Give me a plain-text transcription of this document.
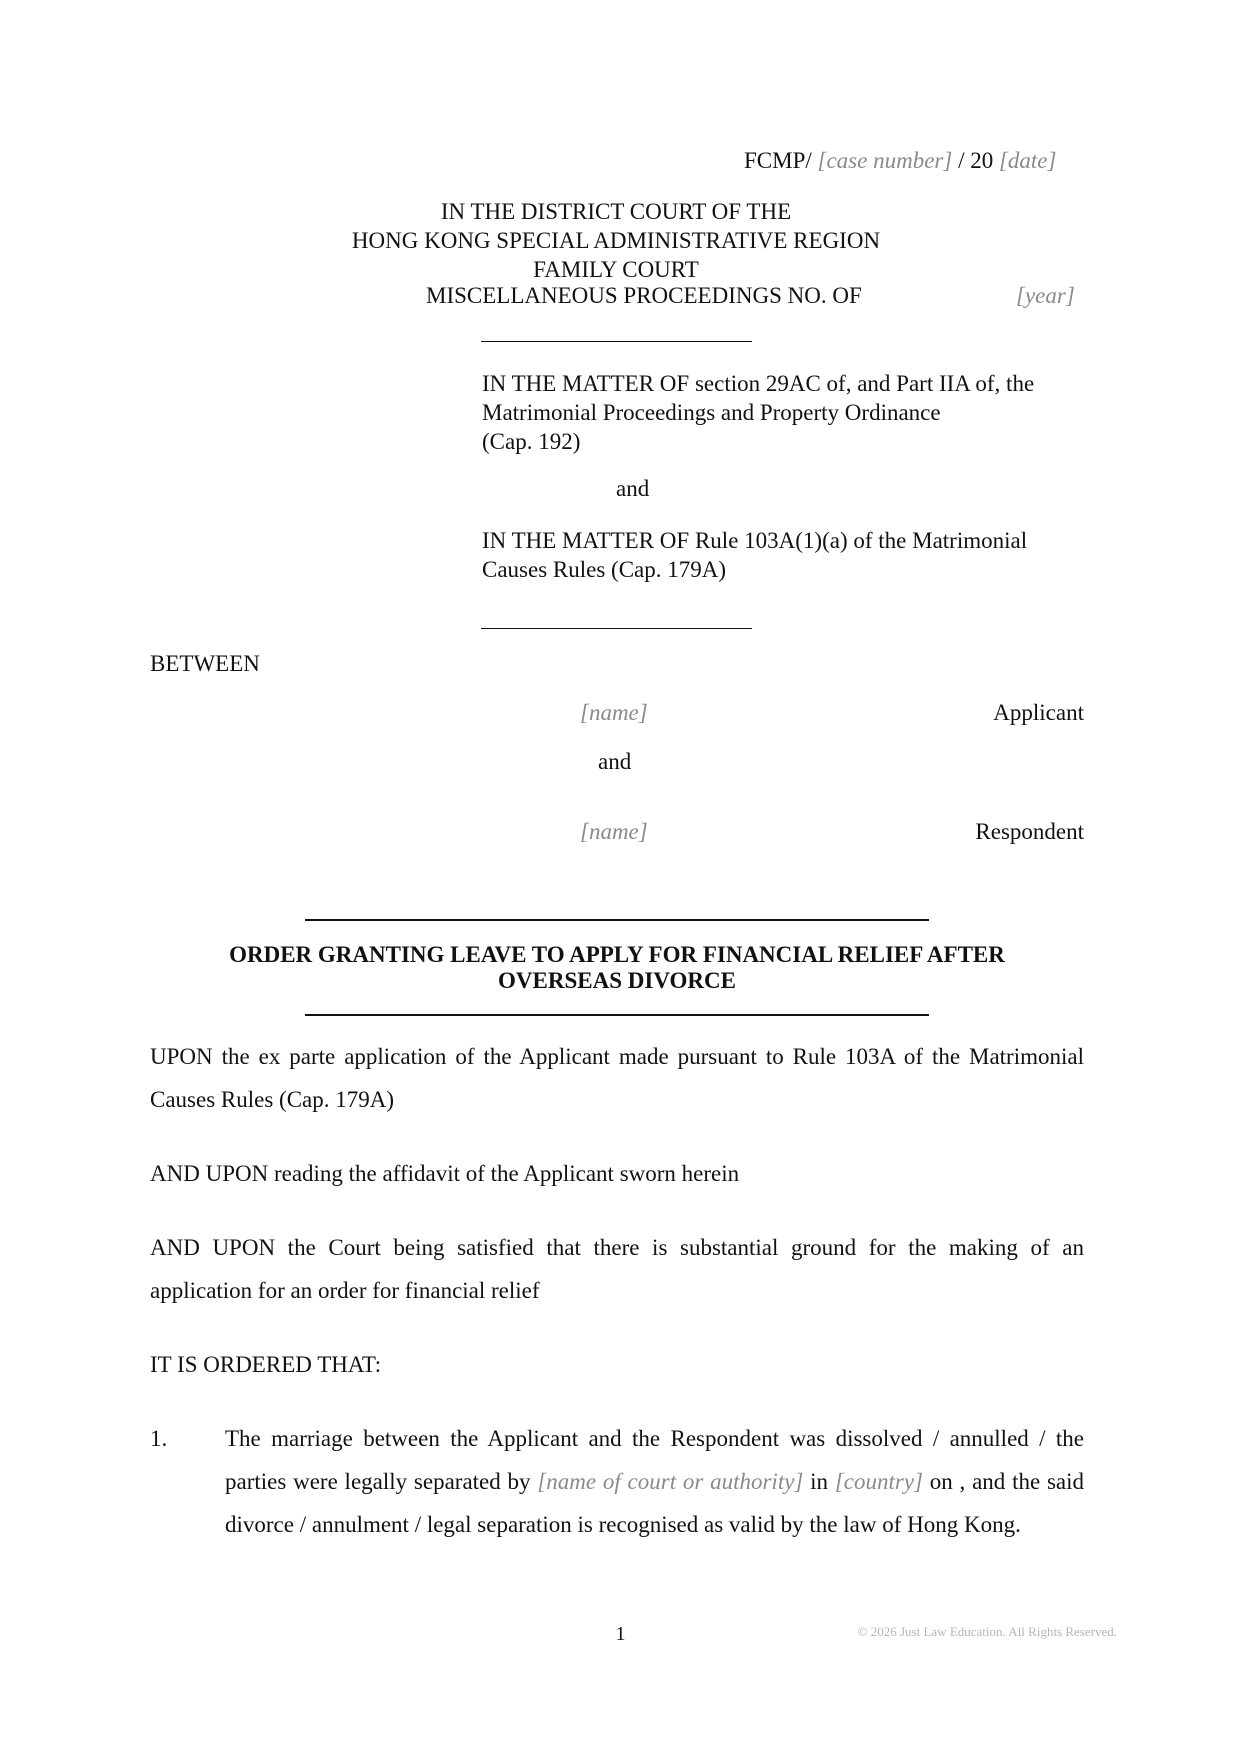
FCMP/ [case number] / 20 [date]
IN THE DISTRICT COURT OF THE
HONG KONG SPECIAL ADMINISTRATIVE REGION
FAMILY COURT
MISCELLANEOUS PROCEEDINGS NO. OF	[year]
IN THE MATTER OF section 29AC of, and Part IIA of, the
Matrimonial Proceedings and Property Ordinance
(Cap. 192)
and
IN THE MATTER OF Rule 103A(1)(a) of the Matrimonial
Causes Rules (Cap. 179A)
BETWEEN
[name]	Applicant
and
[name]	Respondent
ORDER GRANTING LEAVE TO APPLY FOR FINANCIAL RELIEF AFTER
OVERSEAS DIVORCE
UPON the ex parte application of the Applicant made pursuant to Rule 103A of the Matrimonial Causes Rules (Cap. 179A)
AND UPON reading the affidavit of the Applicant sworn herein
AND UPON the Court being satisfied that there is substantial ground for the making of an application for an order for financial relief
IT IS ORDERED THAT:
1.	The marriage between the Applicant and the Respondent was dissolved / annulled / the parties were legally separated by [name of court or authority] in [country] on , and the said divorce / annulment / legal separation is recognised as valid by the law of Hong Kong.
1	© 2026 Just Law Education. All Rights Reserved.
